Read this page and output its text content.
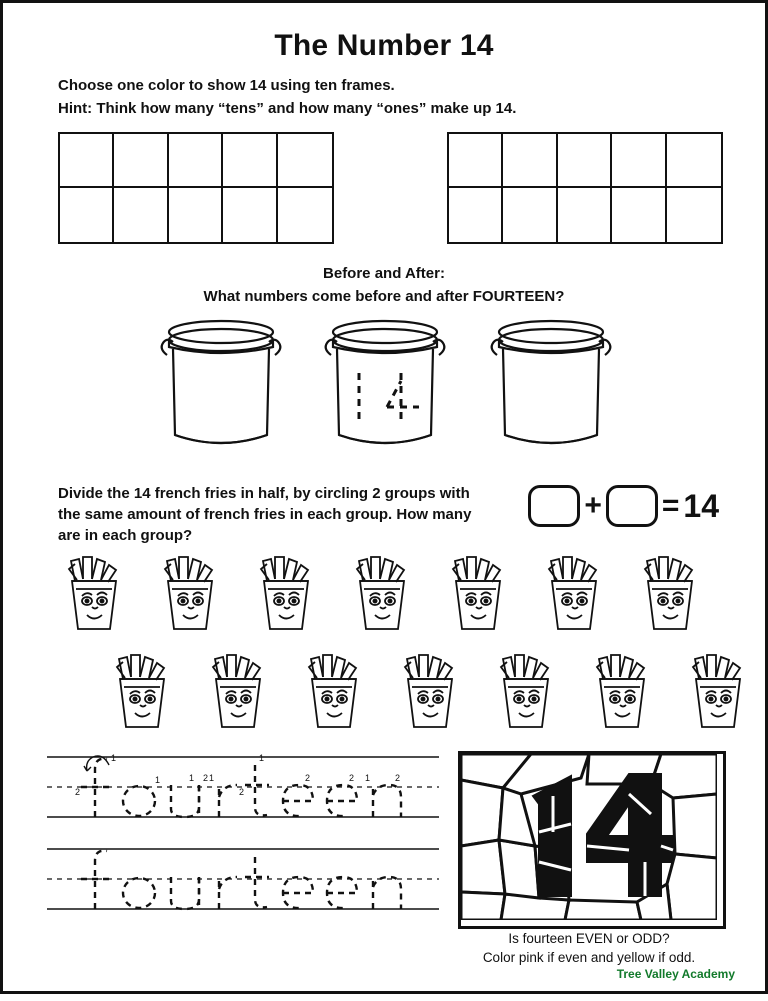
The Number 14
Choose one color to show 14 using ten frames.
Hint: Think how many “tens” and how many “ones” make up 14.
Before and After:
What numbers come before and after FOURTEEN?
Divide the 14 french fries in half, by circling 2 groups with the same amount of french fries in each group. How many are in each group?
+ = 14
1
2
1	1 2 1
1
2
2	2 1	2
Is fourteen EVEN or ODD?
Color pink if even and yellow if odd.
Tree Valley Academy
